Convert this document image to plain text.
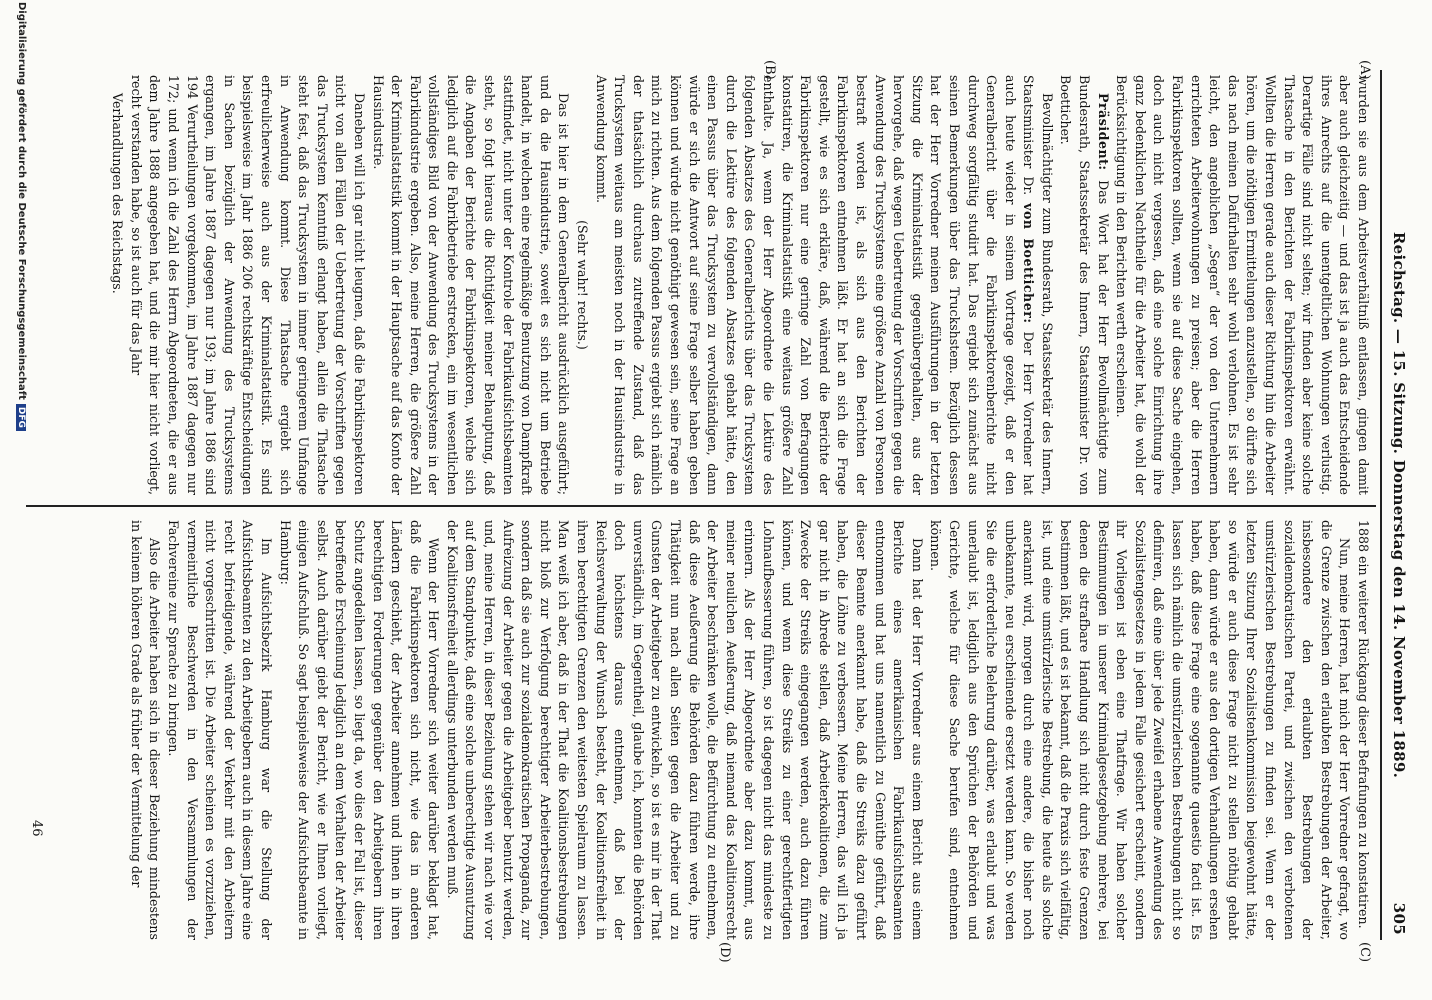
Reichstag. — 15. Sitzung. Donnerstag den 14. November 1889.
305
(A)
(B)
(C)
(D)

wurden sie aus dem Arbeitsverhältniß entlassen, gingen damit aber auch gleichzeitig — und das ist ja auch das Entscheidende ihres Anrechts auf die unentgeltlichen Wohnungen verlustig. Derartige Fälle sind nicht selten; wir finden aber keine solche Thatsache in den Berichten der Fabrikinspektoren erwähnt. Wollten die Herren gerade auch dieser Richtung hin die Arbeiter hören, um die nöthigen Ermittelungen anzustellen, so dürfte sich das nach meinen Dafürhalten sehr wohl verlohnen. Es ist sehr leicht, den angeblichen „Segen“ der von den Unternehmern errichteten Arbeiterwohnungen zu preisen; aber die Herren Fabrikinspektoren sollten, wenn sie auf diese Sache eingehen, doch auch nicht vergessen, daß eine solche Einrichtung ihre ganz bedenklichen Nachtheile für die Arbeiter hat, die wohl der Berücksichtigung in den Berichten werth erscheinen.

Präsident: Das Wort hat der Herr Bevollmächtigte zum Bundesrath, Staatssekretär des Innern, Staatsminister Dr. von Boetticher.

Bevollmächtigter zum Bundesrath, Staatssekretär des Innern, Staatsminister Dr. von Boetticher: Der Herr Vorredner hat auch heute wieder in seinem Vortrage gezeigt, daß er den Generalbericht über die Fabrikinspektorenberichte nicht durchweg sorgfältig studirt hat. Das ergiebt sich zunächst aus seinen Bemerkungen über das Truckshstem. Bezüglich dessen hat der Herr Vorredner meinen Ausführungen in der letzten Sitzung die Kriminalstatistik gegenübergehalten, aus der hervorgehe, daß wegen Uebertretung der Vorschriften gegen die Anwendung des Trucksystems eine größere Anzahl von Personen bestraft worden ist, als sich aus den Berichten der Fabrikinspektoren entnehmen läßt. Er hat an sich die Frage gestellt, wie es sich erkläre, daß, während die Berichte der Fabrikinspektoren nur eine geringe Zahl von Befragungen konstatiren, die Kriminalstatistik eine weitaus größere Zahl enthalte. Ja, wenn der Herr Abgeordnete die Lektüre des folgenden Absatzes des Generalberichts über das Trucksystem durch die Lektüre des folgenden Absatzes gehabt hätte, den einen Passus über das Trucksystem zu vervollständigen, dann würde er sich die Antwort auf seine Frage selber haben geben können und würde nicht genöthigt gewesen sein, seine Frage an mich zu richten. Aus dem folgenden Passus ergiebt sich nämlich der thatsächlich durchaus zutreffende Zustand, daß das Trucksystem weitaus am meisten noch in der Hausindustrie in Anwendung kommt.

(Sehr wahr! rechts.)

Das ist hier in dem Generalbericht ausdrücklich ausgeführt; und da die Hausindustrie, soweit es sich nicht um Betriebe handelt, in welchen eine regelmäßige Benutzung von Dampfkraft stattfindet, nicht unter der Kontrole der Fabrikaufsichtsbeamten steht, so folgt hieraus die Richtigkeit meiner Behauptung, daß die Angaben der Berichte der Fabrikinspektoren, welche sich lediglich auf die Fabrikbetriebe erstrecken, ein im wesentlichen vollständiges Bild von der Anwendung des Trucksystems in der Fabrikindustrie ergeben. Also, meine Herren, die größere Zahl der Kriminalstatistik kommt in der Hauptsache auf das Konto der Hausindustrie.

Daneben will ich gar nicht leugnen, daß die Fabrikinspektoren nicht von allen Fällen der Uebertretung der Vorschriften gegen das Trucksystem Kenntniß erlangt haben, allein die Thatsache steht fest, daß das Trucksystem in immer geringerem Umfange in Anwendung kommt. Diese Thatsache ergiebt sich erfreulicherweise auch aus der Kriminalstatistik. Es sind beispielsweise im Jahr 1886 206 rechtskräftige Entscheidungen in Sachen bezüglich der Anwendung des Trucksystems ergangen, im Jahre 1887 dagegen nur 193; im Jahre 1886 sind 194 Verurtheilungen vorgekommen, im Jahre 1887 dagegen nur 172; und wenn ich die Zahl des Herrn Abgeordneten, die er aus dem Jahre 1888 angegeben hat, und die mir hier nicht vorliegt, recht verstanden habe, so ist auch für das Jahr

Verhandlungen des Reichstags.

1888 ein weiterer Rückgang dieser Befrafungen zu konstatiren.

Nun, meine Herren, hat mich der Herr Vorredner gefragt, wo die Grenze zwischen den erlaubten Bestrebungen der Arbeiter, insbesondere den erlaubten Bestrebungen der sozialdemokratischen Partei, und zwischen den verbotenen umstürzlerischen Bestrebungen zu finden sei. Wenn er der letzten Sitzung Ihrer Sozialistenkommission beigewohnt hätte, so würde er auch diese Frage nicht zu stellen nöthig gehabt haben, dann würde er aus den dortigen Verhandlungen ersehen haben, daß diese Frage eine sogenannte quaestio facti ist. Es lassen sich nämlich die umstürzlerischen Bestrebungen nicht so definiren, daß eine über jede Zweifel erhabene Anwendung des Sozialistengesetzes in jedem Falle gesichert erscheint, sondern ihr Vorliegen ist eben eine Thatfrage. Wir haben solcher Bestimmungen in unserer Kriminalgesetzgebung mehrere, bei denen die strafbare Handlung sich nicht durch feste Grenzen bestimmen läßt, und es ist bekannt, daß die Praxis sich vielfältig, ist, und eine umstürzlerische Bestrebung, die heute als solche anerkannt wird, morgen durch eine andere, die bisher noch unbekannte, neu erscheinende ersetzt werden kann. So werden Sie die erforderliche Belehrung darüber, was erlaubt und was unerlaubt ist, lediglich aus den Sprüchen der Behörden und Gerichte, welche für diese Sache berufen sind, entnehmen können.

Dann hat der Herr Vorredner aus einem Bericht aus einem Berichte eines amerikanischen Fabrikaufsichtsbeamten entnommen und hat uns namentlich zu Gemüthe geführt, daß dieser Beamte anerkannt habe, daß die Streiks dazu geführt haben, die Löhne zu verbessern. Meine Herren, das will ich ja gar nicht in Abrede stellen, daß Arbeiterkoalitionen, die zum Zwecke der Streiks eingegangen werden, auch dazu führen können, und wenn diese Streiks zu einer gerechtfertigten Lohnaufbesserung führen, so ist dagegen nicht das mindeste zu erinnern. Als der Herr Abgeordnete aber dazu kommt, aus meiner neulichen Aeußerung, daß niemand das Koalitionsrecht der Arbeiter beschränken wolle, die Befürchtung zu entnehmen, daß diese Aeußerung die Behörden dazu führen werde, ihre Thätigkeit nun nach allen Seiten gegen die Arbeiter und zu Gunsten der Arbeitgeber zu entwickeln, so ist es mir in der That unverständlich, im Gegentheil, glaube ich, konnten die Behörden doch höchstens daraus entnehmen, daß bei der Reichsverwaltung der Wunsch besteht, der Koalitionsfreiheit in ihren berechtigten Grenzen den weitesten Spielraum zu lassen. Man weiß ich aber, daß in der That die Koalitionsbestrebungen nicht bloß zur Verfolgung berechtigter Arbeiterbestrebungen, sondern daß sie auch zur sozialdemokratischen Propaganda, zur Aufreizung der Arbeiter gegen die Arbeitgeber benutzt werden, und, meine Herren, in dieser Beziehung stehen wir nach wie vor auf dem Standpunkte, daß eine solche unberechtigte Ausnutzung der Koalitionsfreiheit allerdings unterbunden werden muß.

Wenn der Herr Vorredner sich weiter darüber beklagt hat, daß die Fabrikinspektoren sich nicht, wie das in anderen Ländern geschieht, der Arbeiter annehmen und ihnen in ihren berechtigten Forderungen gegenüber den Arbeitgebern ihren Schutz angedeihen lassen, so liegt da, wo dies der Fall ist, dieser betreffende Erscheinung lediglich an dem Verhalten der Arbeiter selbst. Auch darüber giebt der Bericht, wie er Ihnen vorliegt, einigen Aufschluß. So sagt beispielsweise der Aufsichtsbeamte in Hamburg:

Im Aufsichtsbezirk Hamburg war die Stellung der Aufsichtsbeamten zu den Arbeitgebern auch in diesem Jahre eine recht befriedigende, während der Verkehr mit den Arbeitern nicht vorgeschritten ist. Die Arbeiter scheinen es vorzuziehen, vermeintliche Beschwerden in den Versammlungen der Fachvereine zur Sprache zu bringen.

Also die Arbeiter haben sich in dieser Beziehung mindestens in keinem höheren Grade als früher der Vermittelung der

46
Digitalisierung gefördert durch die Deutsche ForschungsgemeinschaftDFG
